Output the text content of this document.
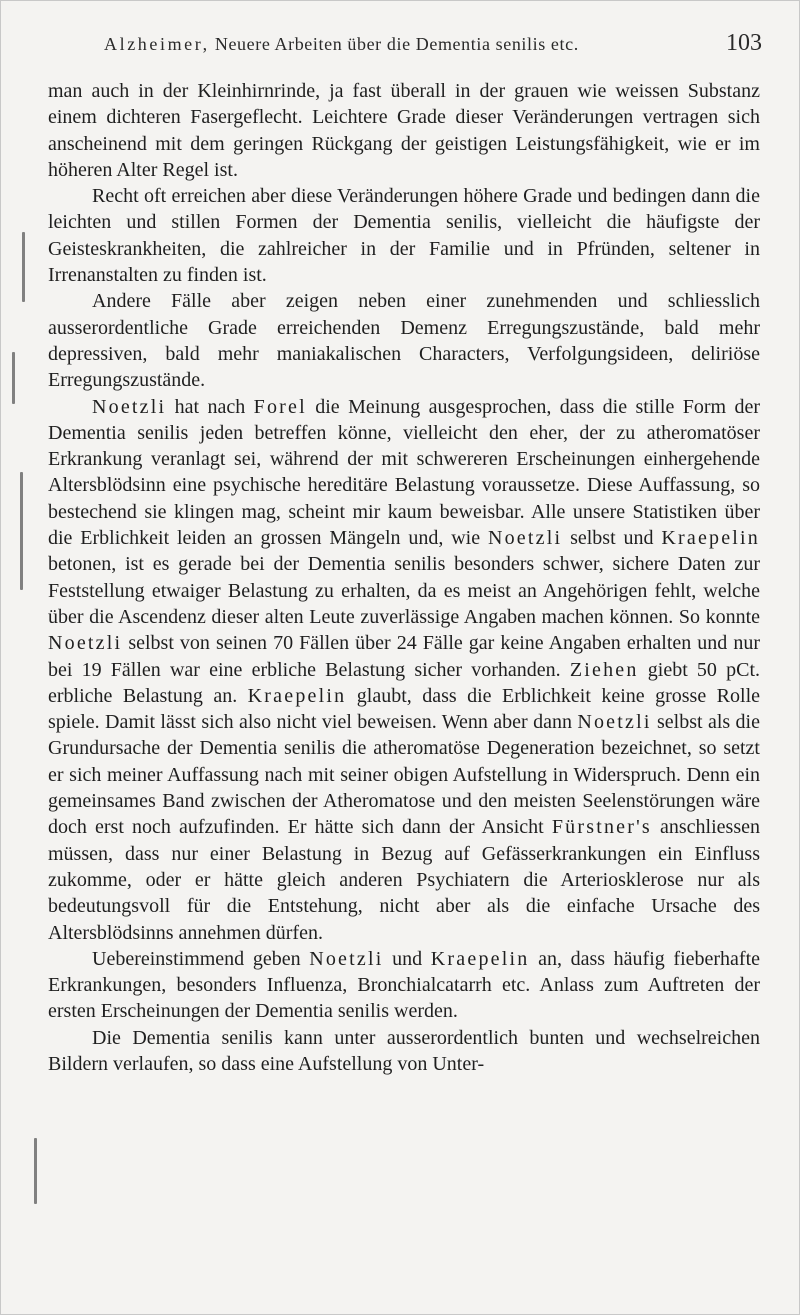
Alzheimer, Neuere Arbeiten über die Dementia senilis etc.	103

man auch in der Kleinhirnrinde, ja fast überall in der grauen wie weissen Substanz einem dichteren Fasergeflecht. Leichtere Grade dieser Veränderungen vertragen sich anscheinend mit dem geringen Rückgang der geistigen Leistungsfähigkeit, wie er im höheren Alter Regel ist.

Recht oft erreichen aber diese Veränderungen höhere Grade und bedingen dann die leichten und stillen Formen der Dementia senilis, vielleicht die häufigste der Geisteskrankheiten, die zahlreicher in der Familie und in Pfründen, seltener in Irrenanstalten zu finden ist.

Andere Fälle aber zeigen neben einer zunehmenden und schliesslich ausserordentliche Grade erreichenden Demenz Erregungszustände, bald mehr depressiven, bald mehr maniakalischen Characters, Verfolgungsideen, deliriöse Erregungszustände.

Noetzli hat nach Forel die Meinung ausgesprochen, dass die stille Form der Dementia senilis jeden betreffen könne, vielleicht den eher, der zu atheromatöser Erkrankung veranlagt sei, während der mit schwereren Erscheinungen einhergehende Altersblödsinn eine psychische hereditäre Belastung voraussetze. Diese Auffassung, so bestechend sie klingen mag, scheint mir kaum beweisbar. Alle unsere Statistiken über die Erblichkeit leiden an grossen Mängeln und, wie Noetzli selbst und Kraepelin betonen, ist es gerade bei der Dementia senilis besonders schwer, sichere Daten zur Feststellung etwaiger Belastung zu erhalten, da es meist an Angehörigen fehlt, welche über die Ascendenz dieser alten Leute zuverlässige Angaben machen können. So konnte Noetzli selbst von seinen 70 Fällen über 24 Fälle gar keine Angaben erhalten und nur bei 19 Fällen war eine erbliche Belastung sicher vorhanden. Ziehen giebt 50 pCt. erbliche Belastung an. Kraepelin glaubt, dass die Erblichkeit keine grosse Rolle spiele. Damit lässt sich also nicht viel beweisen. Wenn aber dann Noetzli selbst als die Grundursache der Dementia senilis die atheromatöse Degeneration bezeichnet, so setzt er sich meiner Auffassung nach mit seiner obigen Aufstellung in Widerspruch. Denn ein gemeinsames Band zwischen der Atheromatose und den meisten Seelenstörungen wäre doch erst noch aufzufinden. Er hätte sich dann der Ansicht Fürstner's anschliessen müssen, dass nur einer Belastung in Bezug auf Gefässerkrankungen ein Einfluss zukomme, oder er hätte gleich anderen Psychiatern die Arteriosklerose nur als bedeutungsvoll für die Entstehung, nicht aber als die einfache Ursache des Altersblödsinns annehmen dürfen.

Uebereinstimmend geben Noetzli und Kraepelin an, dass häufig fieberhafte Erkrankungen, besonders Influenza, Bronchialcatarrh etc. Anlass zum Auftreten der ersten Erscheinungen der Dementia senilis werden.

Die Dementia senilis kann unter ausserordentlich bunten und wechselreichen Bildern verlaufen, so dass eine Aufstellung von Unter-
